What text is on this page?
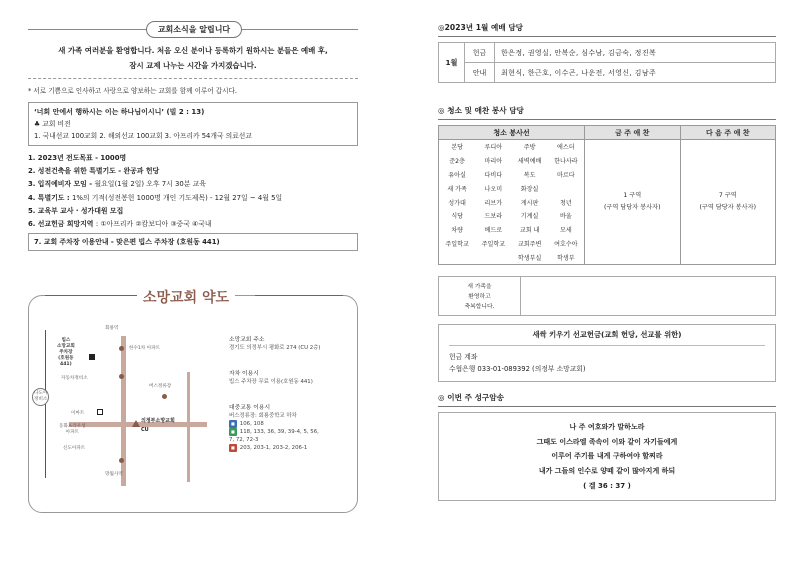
교회소식을 알립니다
새 가족 여러분을 환영합니다. 처음 오신 분이나 등록하기 원하시는 분들은 예배 후,
잠시 교제 나누는 시간을 가지겠습니다.
* 서로 기쁨으로 인사하고 사랑으로 양보하는 교회를 함께 이루어 갑시다.
‘너희 안에서 행하시는 이는 하나님이시니’ (빌 2 : 13)
♣ 교회 비전
1. 국내선교 100교회 2. 해외선교 100교회 3. 아프리카 54개국 의료선교
1. 2023년 전도목표 - 1000명
2. 성전건축을 위한 특별기도 - 완공과 헌당
3. 입직예비자 모임 - 월요일(1월 2일) 오후 7시 30분 교육
4. 특별기도 : 1%의 기적(성전봉헌 1000명 개인 기도제목) - 12월 27일 ~ 4월 5일
5. 교육부 교사 · 성가대원 모집
6. 선교헌금 희망지역 : ①아프리카 ②캄보디아 ③중국 ④국내
7. 교회 주차장 이용안내 - 맞은편 빕스 주차장 (호원동 441)
소망교회 약도
회룡역
한수1차 아파트
빕스
소망교회
주차장
(호원동
441)
자동차정비소
나도야
정비소
버스정류장
이마트
동화프라우성
아파트
의정부소망교회
CU
신도아파트
망월사역
소망교회 주소
경기도 의정부시 평화로 274 (CU 2층)
자차 이용시
빕스 주차장 무료 이용(호원동 441)
대중교통 이용시
버스정류장: 회룡중학교 하차
■ 106, 108
■ 118, 133, 36, 39, 39-4, 5, 56,
7, 72, 72-3
■ 203, 203-1, 203-2, 206-1
◎2023년 1월 예배 담당
1월	헌금	한은정, 권영실, 안복순, 심수남, 김금숙, 정진복
	안내	최현식, 한근호, 이수곤, 나운전, 서영신, 김남주
◎ 청소 및 애찬 봉사 담당
청소 봉사선	금 주 애 찬	다 음 주 애 찬

본당	루디아	주방	에스더
준2층	마리아	새벽예배	한나사라
유아실	다비다	복도	마르다
새 가족	나오미	화장실	
성가대	리브가	게시판	청년
식당	드보라	기계실	바울
차량	베드로	교회 내	모세
주일학교	주일학교	교회주변	여호수아
		학생부실	학생부

1 구역
(구역 담당자 봉사자)

7 구역
(구역 담당자 봉사자)
새 가족을
환영하고
축복합니다.
새싹 키우기 선교헌금(교회 헌당, 선교를 위한)
헌금 계좌
수협은행 033-01-089392 (의정부 소망교회)
◎ 이번 주 성구암송
나 주 여호와가 말하노라
그때도 이스라엘 족속이 이와 같이 자기들에게
이루어 주기를 내게 구하여야 할찌라
내가 그들의 인수로 양떼 같이 많아지게 하되
( 겔 36 : 37 )
